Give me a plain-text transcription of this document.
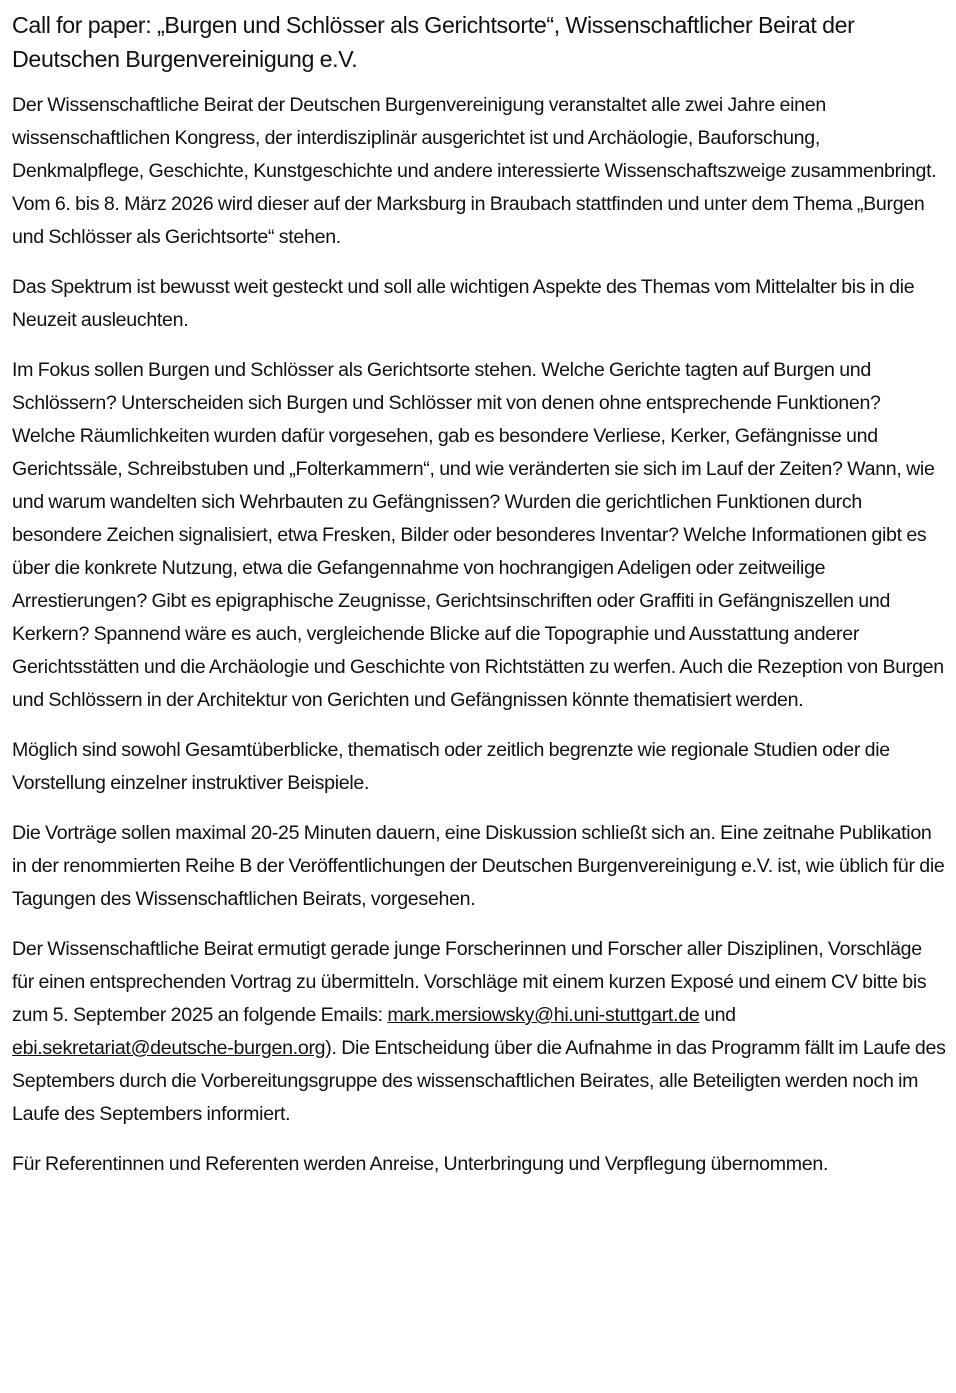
Call for paper: „Burgen und Schlösser als Gerichtsorte“, Wissenschaftlicher Beirat der Deutschen Burgenvereinigung e.V.

Der Wissenschaftliche Beirat der Deutschen Burgenvereinigung veranstaltet alle zwei Jahre einen wissenschaftlichen Kongress, der interdisziplinär ausgerichtet ist und Archäologie, Bauforschung, Denkmalpflege, Geschichte, Kunstgeschichte und andere interessierte Wissenschaftszweige zusammenbringt. Vom 6. bis 8. März 2026 wird dieser auf der Marksburg in Braubach stattfinden und unter dem Thema „Burgen und Schlösser als Gerichtsorte“ stehen.

Das Spektrum ist bewusst weit gesteckt und soll alle wichtigen Aspekte des Themas vom Mittelalter bis in die Neuzeit ausleuchten.

Im Fokus sollen Burgen und Schlösser als Gerichtsorte stehen. Welche Gerichte tagten auf Burgen und Schlössern? Unterscheiden sich Burgen und Schlösser mit von denen ohne entsprechende Funktionen? Welche Räumlichkeiten wurden dafür vorgesehen, gab es besondere Verliese, Kerker, Gefängnisse und Gerichtssäle, Schreibstuben und „Folterkammern“, und wie veränderten sie sich im Lauf der Zeiten? Wann, wie und warum wandelten sich Wehrbauten zu Gefängnissen? Wurden die gerichtlichen Funktionen durch besondere Zeichen signalisiert, etwa Fresken, Bilder oder besonderes Inventar? Welche Informationen gibt es über die konkrete Nutzung, etwa die Gefangennahme von hochrangigen Adeligen oder zeitweilige Arrestierungen? Gibt es epigraphische Zeugnisse, Gerichtsinschriften oder Graffiti in Gefängniszellen und Kerkern? Spannend wäre es auch, vergleichende Blicke auf die Topographie und Ausstattung anderer Gerichtsstätten und die Archäologie und Geschichte von Richtstätten zu werfen. Auch die Rezeption von Burgen und Schlössern in der Architektur von Gerichten und Gefängnissen könnte thematisiert werden.

Möglich sind sowohl Gesamtüberblicke, thematisch oder zeitlich begrenzte wie regionale Studien oder die Vorstellung einzelner instruktiver Beispiele.

Die Vorträge sollen maximal 20-25 Minuten dauern, eine Diskussion schließt sich an. Eine zeitnahe Publikation in der renommierten Reihe B der Veröffentlichungen der Deutschen Burgenvereinigung e.V. ist, wie üblich für die Tagungen des Wissenschaftlichen Beirats, vorgesehen.

Der Wissenschaftliche Beirat ermutigt gerade junge Forscherinnen und Forscher aller Disziplinen, Vorschläge für einen entsprechenden Vortrag zu übermitteln. Vorschläge mit einem kurzen Exposé und einem CV bitte bis zum 5. September 2025 an folgende Emails: mark.mersiowsky@hi.uni-stuttgart.de und ebi.sekretariat@deutsche-burgen.org). Die Entscheidung über die Aufnahme in das Programm fällt im Laufe des Septembers durch die Vorbereitungsgruppe des wissenschaftlichen Beirates, alle Beteiligten werden noch im Laufe des Septembers informiert.

Für Referentinnen und Referenten werden Anreise, Unterbringung und Verpflegung übernommen.
